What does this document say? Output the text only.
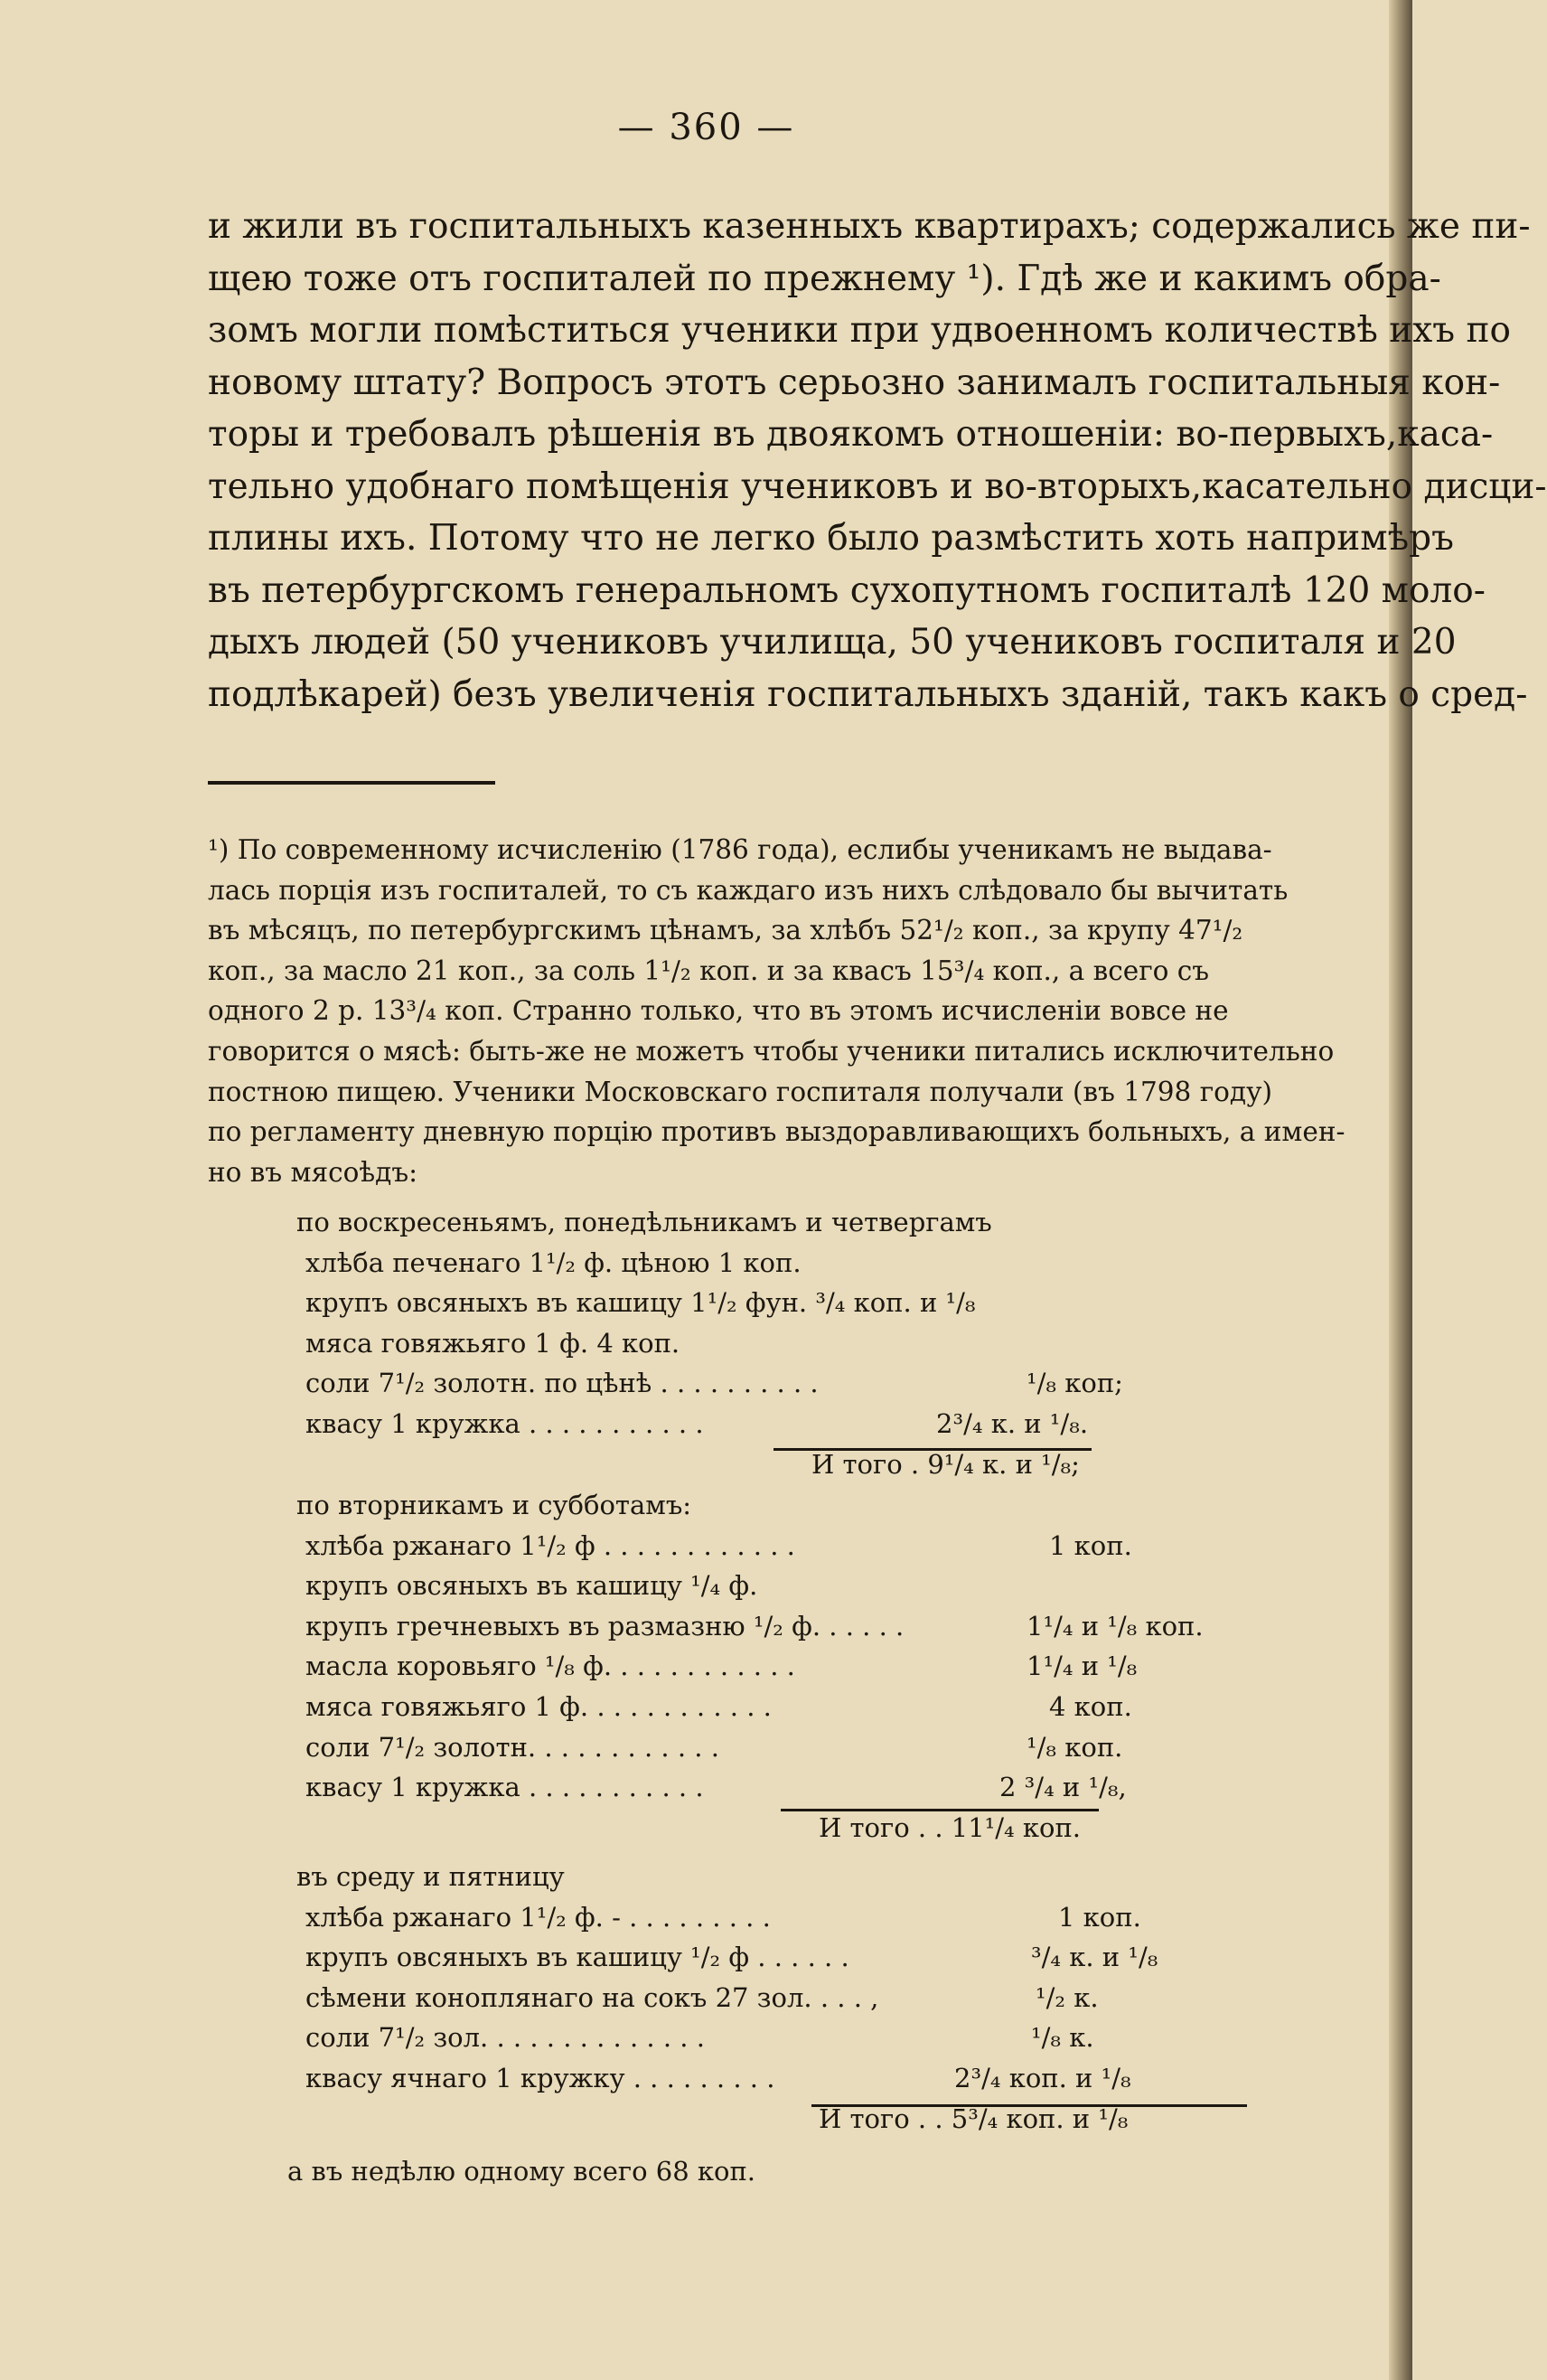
— 360 —
и жили въ госпитальныхъ казенныхъ квартирахъ; содержались же пи-
щею тоже отъ госпиталей по прежнему ¹). Гдѣ же и какимъ обра-
зомъ могли помѣститься ученики при удвоенномъ количествѣ ихъ по
новому штату? Вопросъ этотъ серьозно занималъ госпитальныя кон-
торы и требовалъ рѣшенія въ двоякомъ отношеніи: во-первыхъ,каса-
тельно удобнаго помѣщенія учениковъ и во-вторыхъ,касательно дисци-
плины ихъ. Потому что не легко было размѣстить хоть напримѣръ
въ петербургскомъ генеральномъ сухопутномъ госпиталѣ 120 моло-
дыхъ людей (50 учениковъ училища, 50 учениковъ госпиталя и 20
подлѣкарей) безъ увеличенія госпитальныхъ зданій, такъ какъ о сред-
¹) По современному исчисленію (1786 года), еслибы ученикамъ не выдава-
лась порція изъ госпиталей, то съ каждаго изъ нихъ слѣдовало бы вычитать
въ мѣсяцъ, по петербургскимъ цѣнамъ, за хлѣбъ 52¹/₂ коп., за крупу 47¹/₂
коп., за масло 21 коп., за соль 1¹/₂ коп. и за квасъ 15³/₄ коп., а всего съ
одного 2 р. 13³/₄ коп. Странно только, что въ этомъ исчисленіи вовсе не
говорится о мясѣ: быть-же не можетъ чтобы ученики питались исключительно
постною пищею. Ученики Московскаго госпиталя получали (въ 1798 году)
по регламенту дневную порцію противъ выздоравливающихъ больныхъ, а имен-
но въ мясоѣдъ:
по воскресеньямъ, понедѣльникамъ и четвергамъ
хлѣба печенаго 1¹/₂ ф. цѣною 1 коп.
крупъ овсяныхъ въ кашицу 1¹/₂ фун. ³/₄ коп. и ¹/₈
мяса говяжьяго 1 ф. 4 коп.
соли 7¹/₂ золотн. по цѣнѣ . . . . . . . . . .	¹/₈ коп;
квасу 1 кружка . . . . . . . . . . .	2³/₄ к. и ¹/₈.
И того . 9¹/₄ к. и ¹/₈;
по вторникамъ и субботамъ:
хлѣба ржанаго 1¹/₂ ф . . . . . . . . . . . .	1 коп.
крупъ овсяныхъ въ кашицу ¹/₄ ф.
крупъ гречневыхъ въ размазню ¹/₂ ф. . . . . .	1¹/₄ и ¹/₈ коп.
масла коровьяго ¹/₈ ф. . . . . . . . . . . .	1¹/₄ и ¹/₈
мяса говяжьяго 1 ф. . . . . . . . . . . .	4 коп.
соли 7¹/₂ золотн. . . . . . . . . . . .	¹/₈ коп.
квасу 1 кружка . . . . . . . . . . .	2 ³/₄ и ¹/₈,
И того . . 11¹/₄ коп.
въ среду и пятницу
хлѣба ржанаго 1¹/₂ ф. - . . . . . . . . .	1 коп.
крупъ овсяныхъ въ кашицу ¹/₂ ф . . . . . .	³/₄ к. и ¹/₈
сѣмени конoплянаго на сокъ 27 зол. . . . ,	¹/₂ к.
соли 7¹/₂ зол. . . . . . . . . . . . . .	¹/₈ к.
квасу ячнаго 1 кружку . . . . . . . . .	2³/₄ коп. и ¹/₈
И того . . 5³/₄ коп. и ¹/₈
а въ недѣлю одному всего 68 коп.
